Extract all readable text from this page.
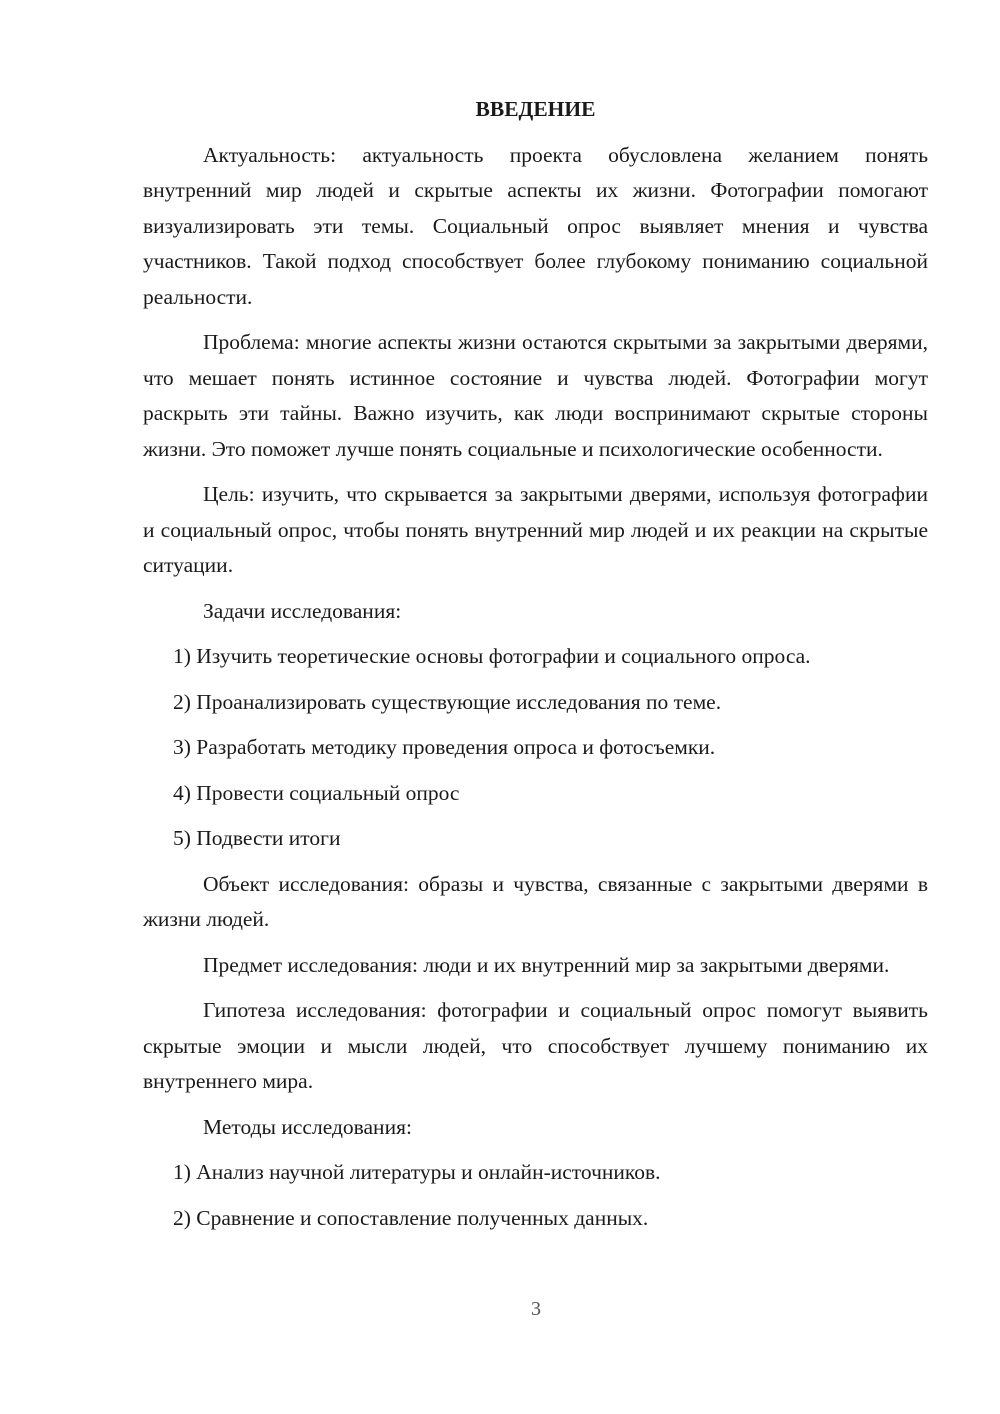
ВВЕДЕНИЕ

Актуальность: актуальность проекта обусловлена желанием понять внутренний мир людей и скрытые аспекты их жизни. Фотографии помогают визуализировать эти темы. Социальный опрос выявляет мнения и чувства участников. Такой подход способствует более глубокому пониманию социальной реальности.

Проблема: многие аспекты жизни остаются скрытыми за закрытыми дверями, что мешает понять истинное состояние и чувства людей. Фотографии могут раскрыть эти тайны. Важно изучить, как люди воспринимают скрытые стороны жизни. Это поможет лучше понять социальные и психологические особенности.

Цель: изучить, что скрывается за закрытыми дверями, используя фотографии и социальный опрос, чтобы понять внутренний мир людей и их реакции на скрытые ситуации.

Задачи исследования:

1) Изучить теоретические основы фотографии и социального опроса.
2) Проанализировать существующие исследования по теме.
3) Разработать методику проведения опроса и фотосъемки.
4) Провести социальный опрос
5) Подвести итоги

Объект исследования: образы и чувства, связанные с закрытыми дверями в жизни людей.

Предмет исследования: люди и их внутренний мир за закрытыми дверями.

Гипотеза исследования: фотографии и социальный опрос помогут выявить скрытые эмоции и мысли людей, что способствует лучшему пониманию их внутреннего мира.

Методы исследования:

1) Анализ научной литературы и онлайн-источников.
2) Сравнение и сопоставление полученных данных.
3
